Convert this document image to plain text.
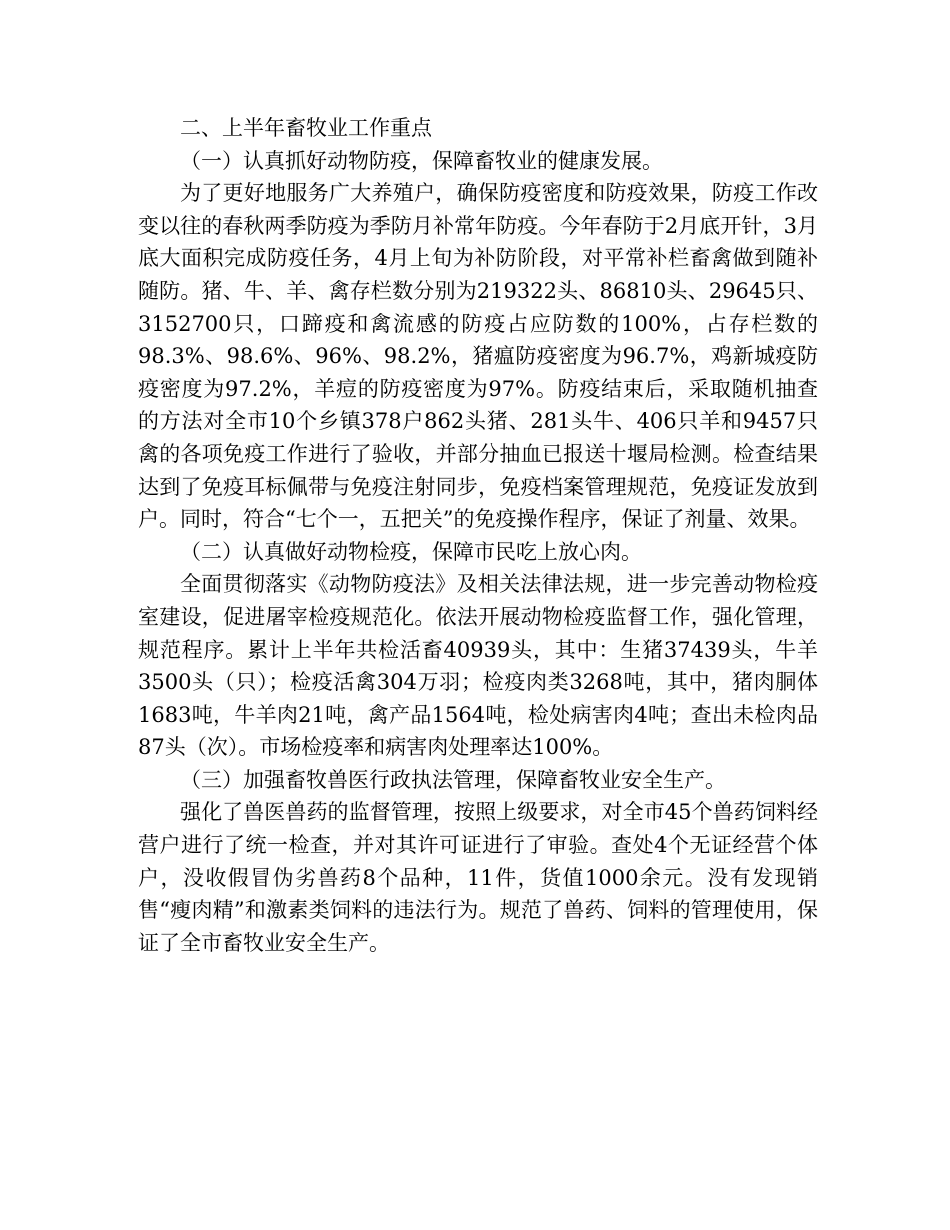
二、上半年畜牧业工作重点

（一）认真抓好动物防疫，保障畜牧业的健康发展。

为了更好地服务广大养殖户，确保防疫密度和防疫效果，防疫工作改变以往的春秋两季防疫为季防月补常年防疫。今年春防于2月底开针，3月底大面积完成防疫任务，4月上旬为补防阶段，对平常补栏畜禽做到随补随防。猪、牛、羊、禽存栏数分别为219322头、86810头、29645只、3152700只，口蹄疫和禽流感的防疫占应防数的100%，占存栏数的98.3%、98.6%、96%、98.2%，猪瘟防疫密度为96.7%，鸡新城疫防疫密度为97.2%，羊痘的防疫密度为97%。防疫结束后，采取随机抽查的方法对全市10个乡镇378户862头猪、281头牛、406只羊和9457只禽的各项免疫工作进行了验收，并部分抽血已报送十堰局检测。检查结果达到了免疫耳标佩带与免疫注射同步，免疫档案管理规范，免疫证发放到户。同时，符合“七个一，五把关”的免疫操作程序，保证了剂量、效果。

（二）认真做好动物检疫，保障市民吃上放心肉。

全面贯彻落实《动物防疫法》及相关法律法规，进一步完善动物检疫室建设，促进屠宰检疫规范化。依法开展动物检疫监督工作，强化管理，规范程序。累计上半年共检活畜40939头，其中：生猪37439头，牛羊3500头（只）；检疫活禽304万羽；检疫肉类3268吨，其中，猪肉胴体1683吨，牛羊肉21吨，禽产品1564吨，检处病害肉4吨；查出未检肉品87头（次）。市场检疫率和病害肉处理率达100%。

（三）加强畜牧兽医行政执法管理，保障畜牧业安全生产。

强化了兽医兽药的监督管理，按照上级要求，对全市45个兽药饲料经营户进行了统一检查，并对其许可证进行了审验。查处4个无证经营个体户，没收假冒伪劣兽药8个品种，11件，货值1000余元。没有发现销售“瘦肉精”和激素类饲料的违法行为。规范了兽药、饲料的管理使用，保证了全市畜牧业安全生产。
